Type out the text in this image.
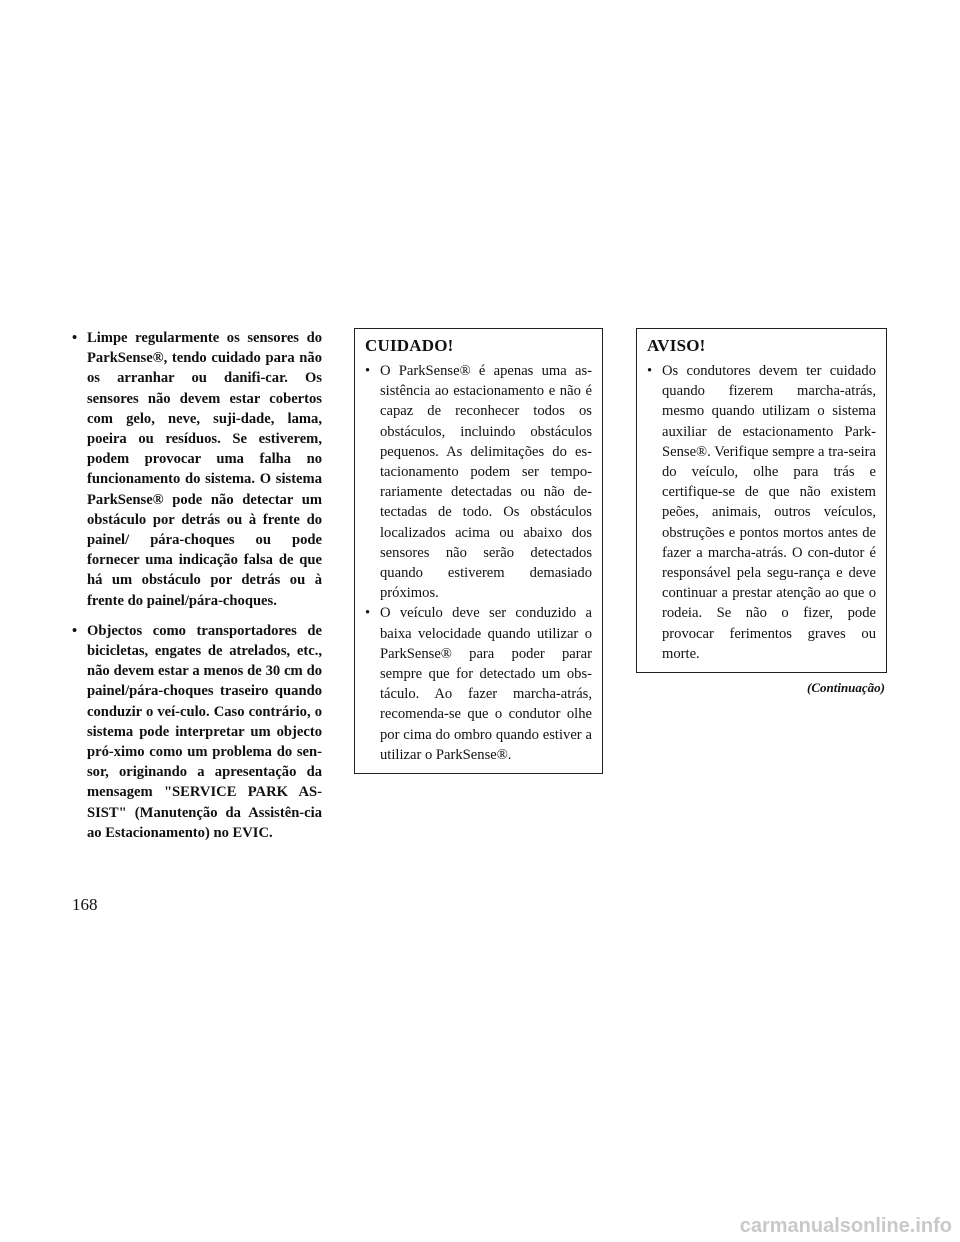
• Limpe regularmente os sensores do ParkSense®, tendo cuidado para não os arranhar ou danifi-car. Os sensores não devem estar cobertos com gelo, neve, suji-dade, lama, poeira ou resíduos. Se estiverem, podem provocar uma falha no funcionamento do sistema. O sistema ParkSense® pode não detectar um obstáculo por detrás ou à frente do painel/ pára-choques ou pode fornecer uma indicação falsa de que há um obstáculo por detrás ou à frente do painel/pára-choques.
• Objectos como transportadores de bicicletas, engates de atrelados, etc., não devem estar a menos de 30 cm do painel/pára-choques traseiro quando conduzir o veí-culo. Caso contrário, o sistema pode interpretar um objecto pró-ximo como um problema do sen-sor, originando a apresentação da mensagem "SERVICE PARK AS-SIST" (Manutenção da Assistên-cia ao Estacionamento) no EVIC.
CUIDADO!
• O ParkSense® é apenas uma as-sistência ao estacionamento e não é capaz de reconhecer todos os obstáculos, incluindo obstáculos pequenos. As delimitações do es-tacionamento podem ser tempo-rariamente detectadas ou não de-tectadas de todo. Os obstáculos localizados acima ou abaixo dos sensores não serão detectados quando estiverem demasiado próximos.
• O veículo deve ser conduzido a baixa velocidade quando utilizar o ParkSense® para poder parar sempre que for detectado um obs-táculo. Ao fazer marcha-atrás, recomenda-se que o condutor olhe por cima do ombro quando estiver a utilizar o ParkSense®.
AVISO!
• Os condutores devem ter cuidado quando fizerem marcha-atrás, mesmo quando utilizam o sistema auxiliar de estacionamento Park-Sense®. Verifique sempre a tra-seira do veículo, olhe para trás e certifique-se de que não existem peões, animais, outros veículos, obstruções e pontos mortos antes de fazer a marcha-atrás. O con-dutor é responsável pela segu-rança e deve continuar a prestar atenção ao que o rodeia. Se não o fizer, pode provocar ferimentos graves ou morte.
(Continuação)
168
carmanualsonline.info
